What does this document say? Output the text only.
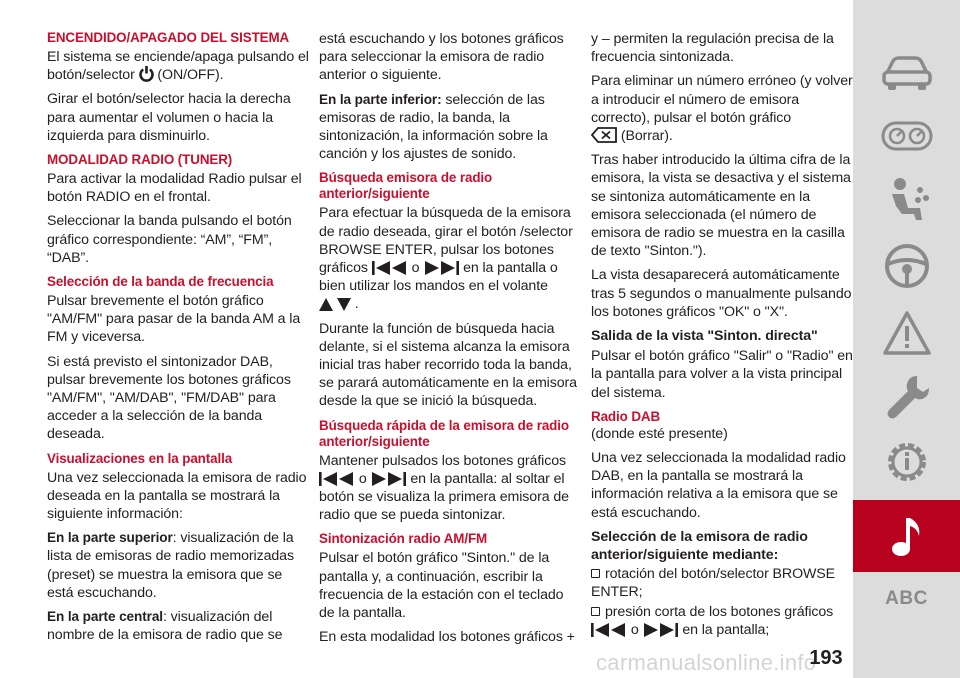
ENCENDIDO/APAGADO DEL SISTEMA
El sistema se enciende/apaga pulsando el botón/selector (ON/OFF).
Girar el botón/selector hacia la derecha para aumentar el volumen o hacia la izquierda para disminuirlo.
MODALIDAD RADIO (TUNER)
Para activar la modalidad Radio pulsar el botón RADIO en el frontal.
Seleccionar la banda pulsando el botón gráfico correspondiente: “AM”, “FM”, “DAB”.
Selección de la banda de frecuencia
Pulsar brevemente el botón gráfico "AM/FM" para pasar de la banda AM a la FM y viceversa.
Si está previsto el sintonizador DAB, pulsar brevemente los botones gráficos "AM/FM", "AM/DAB", "FM/DAB" para acceder a la selección de la banda deseada.
Visualizaciones en la pantalla
Una vez seleccionada la emisora de radio deseada en la pantalla se mostrará la siguiente información:
En la parte superior: visualización de la lista de emisoras de radio memorizadas (preset) se muestra la emisora que se está escuchando.
En la parte central: visualización del nombre de la emisora de radio que se
está escuchando y los botones gráficos para seleccionar la emisora de radio anterior o siguiente.
En la parte inferior: selección de las emisoras de radio, la banda, la sintonización, la información sobre la canción y los ajustes de sonido.
Búsqueda emisora de radio anterior/siguiente
Para efectuar la búsqueda de la emisora de radio deseada, girar el botón /selector BROWSE ENTER, pulsar los botones gráficos	o	en la pantalla o bien utilizar los mandos en el volante

.
Durante la función de búsqueda hacia delante, si el sistema alcanza la emisora inicial tras haber recorrido toda la banda, se parará automáticamente en la emisora desde la que se inició la búsqueda.
Búsqueda rápida de la emisora de radio anterior/siguiente
Mantener pulsados los botones gráficos

o	en la pantalla: al soltar el botón se visualiza la primera emisora de radio que se pueda sintonizar.
Sintonización radio AM/FM
Pulsar el botón gráfico "Sinton." de la pantalla y, a continuación, escribir la frecuencia de la estación con el teclado de la pantalla.
En esta modalidad los botones gráficos +
y – permiten la regulación precisa de la frecuencia sintonizada.
Para eliminar un número erróneo (y volver a introducir el número de emisora correcto), pulsar el botón gráfico

(Borrar).
Tras haber introducido la última cifra de la emisora, la vista se desactiva y el sistema se sintoniza automáticamente en la emisora seleccionada (el número de emisora de radio se muestra en la casilla de texto "Sinton.").
La vista desaparecerá automáticamente tras 5 segundos o manualmente pulsando los botones gráficos "OK" o "X".
Salida de la vista "Sinton. directa"
Pulsar el botón gráfico "Salir" o "Radio" en la pantalla para volver a la vista principal del sistema.
Radio DAB
(donde esté presente)
Una vez seleccionada la modalidad radio DAB, en la pantalla se mostrará la información relativa a la emisora que se está escuchando.
Selección de la emisora de radio anterior/siguiente mediante:
rotación del botón/selector BROWSE ENTER;
presión corta de los botones gráficos

o	en la pantalla;
ABC
carmanualsonline.info
193
